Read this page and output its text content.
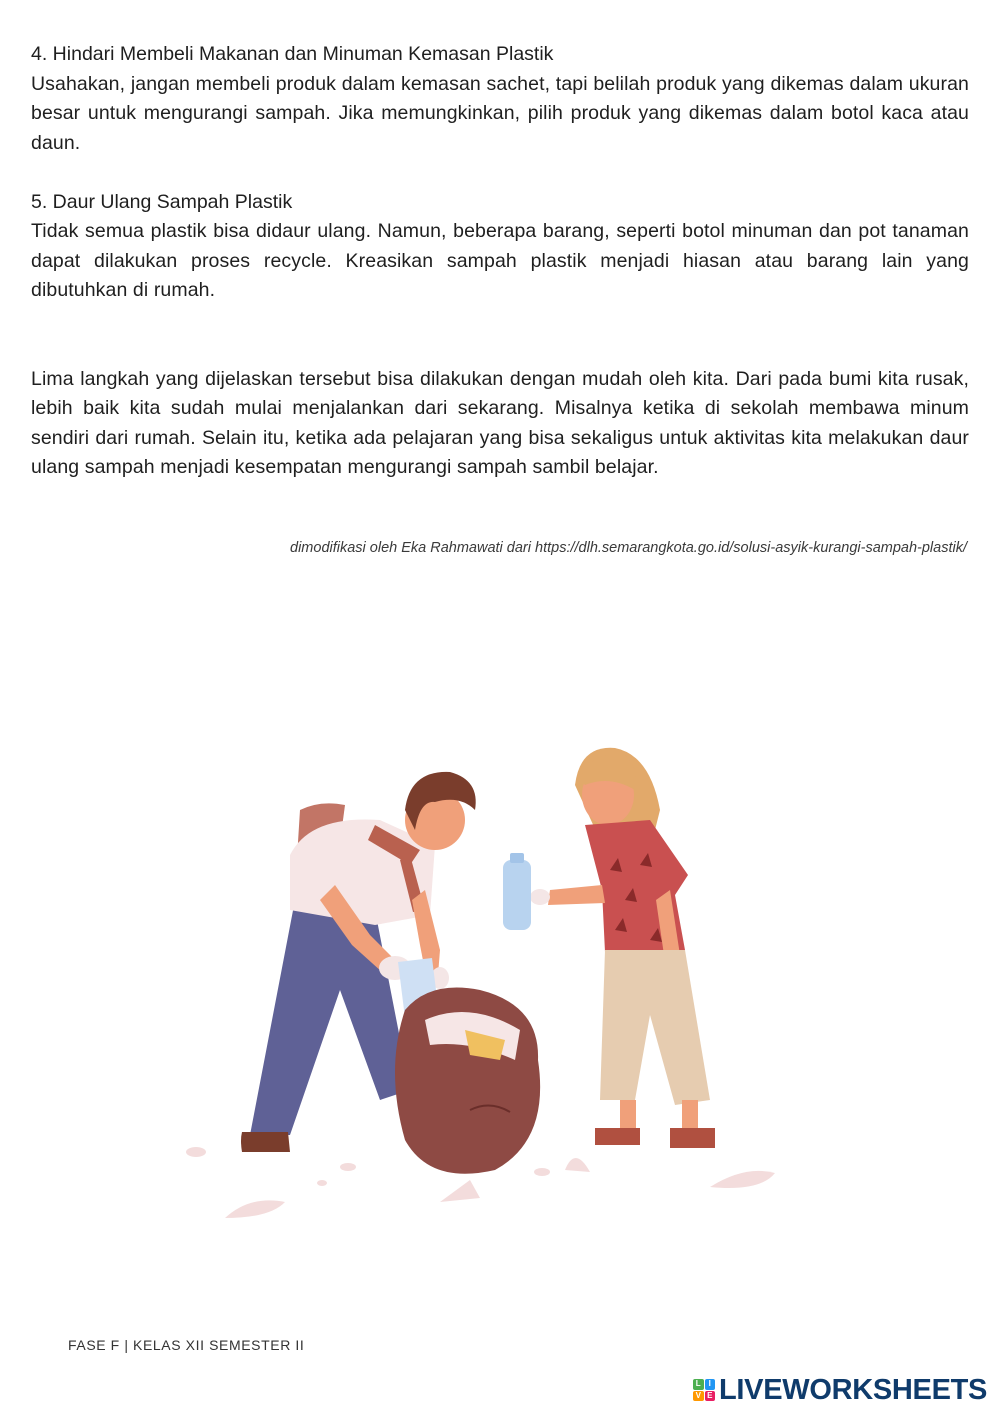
4. Hindari Membeli Makanan dan Minuman Kemasan Plastik

Usahakan, jangan membeli produk dalam kemasan sachet, tapi belilah produk yang dikemas dalam ukuran besar untuk mengurangi sampah. Jika memungkinkan, pilih produk yang dikemas dalam botol kaca atau daun.

5. Daur Ulang Sampah Plastik

Tidak semua plastik bisa didaur ulang. Namun, beberapa barang, seperti botol minuman dan pot tanaman dapat dilakukan proses recycle. Kreasikan sampah plastik menjadi hiasan atau barang lain yang dibutuhkan di rumah.

Lima langkah yang dijelaskan tersebut bisa dilakukan dengan mudah oleh kita. Dari pada bumi kita rusak, lebih baik kita sudah mulai menjalankan dari sekarang. Misalnya ketika di sekolah membawa minum sendiri dari rumah. Selain itu, ketika ada pelajaran yang bisa sekaligus untuk aktivitas kita melakukan daur ulang sampah menjadi kesempatan mengurangi sampah sambil belajar.

dimodifikasi oleh Eka Rahmawati dari https://dlh.semarangkota.go.id/solusi-asyik-kurangi-sampah-plastik/
FASE F | KELAS XII SEMESTER II
L I
V E LIVEWORKSHEETS
